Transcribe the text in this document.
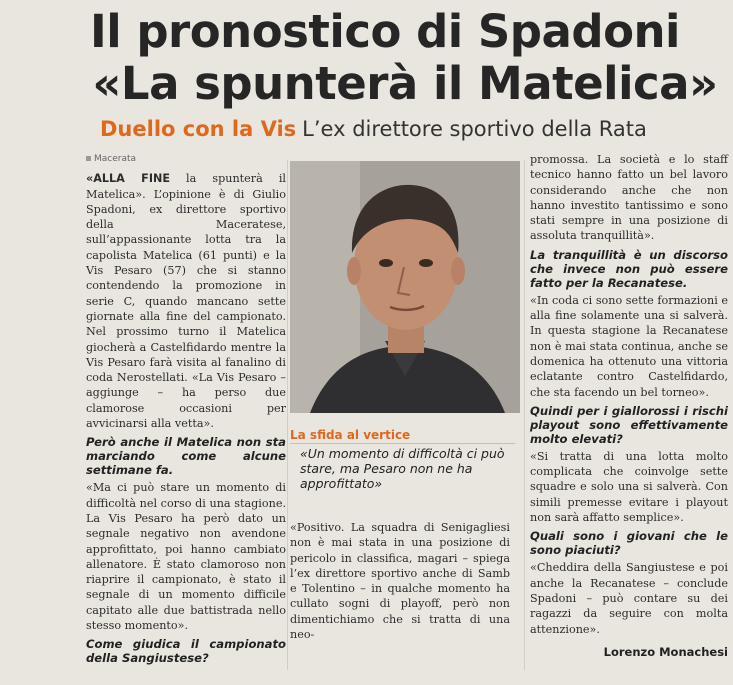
Il pronostico di Spadoni
«La spunterà il Matelica»
Duello con la Vis L’ex direttore sportivo della Rata
Macerata

«ALLA FINE la spunterà il Matelica». L’opinione è di Giulio Spadoni, ex direttore sportivo della Maceratese, sull’appassionante lotta tra la capolista Matelica (61 punti) e la Vis Pesaro (57) che si stanno contendendo la promozione in serie C, quando mancano sette giornate alla fine del campionato. Nel prossimo turno il Matelica giocherà a Castelfidardo mentre la Vis Pesaro farà visita al fanalino di coda Nerostellati. «La Vis Pesaro – aggiunge – ha perso due clamorose occasioni per avvicinarsi alla vetta».

Però anche il Matelica non sta marciando come alcune settimane fa.

«Ma ci può stare un momento di difficoltà nel corso di una stagione. La Vis Pesaro ha però dato un segnale negativo non avendone approfittato, poi hanno cambiato allenatore. È stato clamoroso non riaprire il campionato, è stato il segnale di un momento difficile capitato alle due battistrada nello stesso momento».

Come giudica il campionato della Sangiustese?

La sfida al vertice
«Un momento di difficoltà ci può stare, ma Pesaro non ne ha approfittato»

«Positivo. La squadra di Senigagliesi non è mai stata in una posizione di pericolo in classifica, magari – spiega l’ex direttore sportivo anche di Samb e Tolentino – in qualche momento ha cullato sogni di playoff, però non dimentichiamo che si tratta di una neo-

promossa. La società e lo staff tecnico hanno fatto un bel lavoro considerando anche che non hanno investito tantissimo e sono stati sempre in una posizione di assoluta tranquillità».

La tranquillità è un discorso che invece non può essere fatto per la Recanatese.

«In coda ci sono sette formazioni e alla fine solamente una si salverà. In questa stagione la Recanatese non è mai stata continua, anche se domenica ha ottenuto una vittoria eclatante contro Castelfidardo, che sta facendo un bel torneo».

Quindi per i giallorossi i rischi playout sono effettivamente molto elevati?

«Si tratta di una lotta molto complicata che coinvolge sette squadre e solo una si salverà. Con simili premesse evitare i playout non sarà affatto semplice».

Quali sono i giovani che le sono piaciuti?

«Cheddira della Sangiustese e poi anche la Recanatese – conclude Spadoni – può contare su dei ragazzi da seguire con molta attenzione».

Lorenzo Monachesi
